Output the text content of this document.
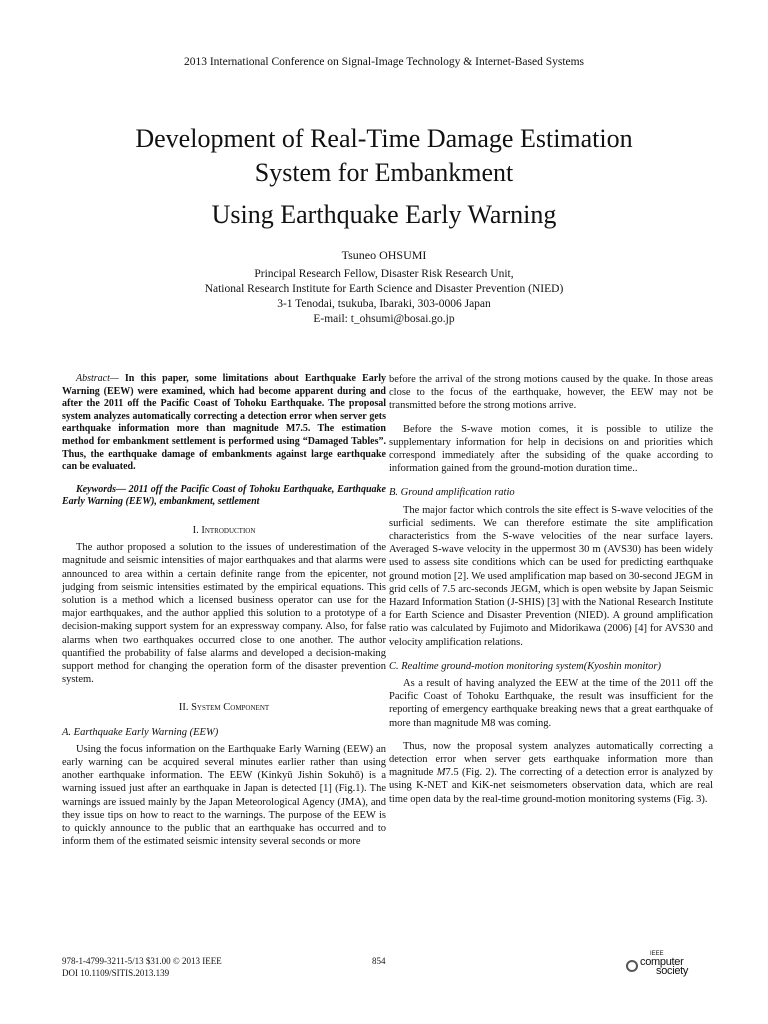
2013 International Conference on Signal-Image Technology & Internet-Based Systems
Development of Real-Time Damage Estimation
System for Embankment
Using Earthquake Early Warning
Tsuneo OHSUMI
Principal Research Fellow, Disaster Risk Research Unit,
National Research Institute for Earth Science and Disaster Prevention (NIED)
3-1 Tenodai, tsukuba, Ibaraki, 303-0006 Japan
E-mail: t_ohsumi@bosai.go.jp

Abstract— In this paper, some limitations about Earthquake Early Warning (EEW) were examined, which had become apparent during and after the 2011 off the Pacific Coast of Tohoku Earthquake. The proposal system analyzes automatically correcting a detection error when server gets earthquake information more than magnitude M7.5. The estimation method for embankment settlement is performed using “Damaged Tables”. Thus, the earthquake damage of embankments against large earthquake can be evaluated.

Keywords— 2011 off the Pacific Coast of Tohoku Earthquake, Earthquake Early Warning (EEW), embankment, settlement

I. Introduction

The author proposed a solution to the issues of underestimation of the magnitude and seismic intensities of major earthquakes and that alarms were announced to area within a certain definite range from the epicenter, not judging from seismic intensities estimated by the empirical equations. This solution is a method which a licensed business operator can use for the major earthquakes, and the author applied this solution to a prototype of a decision-making support system for an expressway company. Also, for false alarms when two earthquakes occurred close to one another. The author quantified the probability of false alarms and developed a decision-making support method for changing the operation form of the disaster prevention system.

II. System Component
A. Earthquake Early Warning (EEW)

Using the focus information on the Earthquake Early Warning (EEW) an early warning can be acquired several minutes earlier rather than using another earthquake information. The EEW (Kinkyū Jishin Sokuhō) is a warning issued just after an earthquake in Japan is detected [1] (Fig.1). The warnings are issued mainly by the Japan Meteorological Agency (JMA), and they issue tips on how to react to the warnings. The purpose of the EEW is to quickly announce to the public that an earthquake has occurred and to inform them of the estimated seismic intensity several seconds or more

before the arrival of the strong motions caused by the quake. In those areas close to the focus of the earthquake, however, the EEW may not be transmitted before the strong motions arrive.

Before the S-wave motion comes, it is possible to utilize the supplementary information for help in decisions on and priorities which correspond immediately after the subsiding of the quake according to information gained from the ground-motion duration time..

B. Ground amplification ratio

The major factor which controls the site effect is S-wave velocities of the surficial sediments. We can therefore estimate the site amplification characteristics from the S-wave velocities of the near surface layers. Averaged S-wave velocity in the uppermost 30 m (AVS30) has been widely used to assess site conditions which can be used for predicting earthquake ground motion [2]. We used amplification map based on 30-second JEGM in grid cells of 7.5 arc-seconds JEGM, which is open website by Japan Seismic Hazard Information Station (J-SHIS) [3] with the National Research Institute for Earth Science and Disaster Prevention (NIED). A ground amplification ratio was calculated by Fujimoto and Midorikawa (2006) [4] for AVS30 and velocity amplification relations.

C. Realtime ground-motion monitoring system(Kyoshin monitor)

As a result of having analyzed the EEW at the time of the 2011 off the Pacific Coast of Tohoku Earthquake, the result was insufficient for the reporting of emergency earthquake breaking news that a great earthquake of more than magnitude M8 was coming.

Thus, now the proposal system analyzes automatically correcting a detection error when server gets earthquake information more than magnitude M7.5 (Fig. 2). The correcting of a detection error is analyzed by using K-NET and KiK-net seismometers observation data, which are real time open data by the real-time ground-motion monitoring systems (Fig. 3).

978-1-4799-3211-5/13 $31.00 © 2013 IEEE
DOI 10.1109/SITIS.2013.139
854
IEEE
computer
society
